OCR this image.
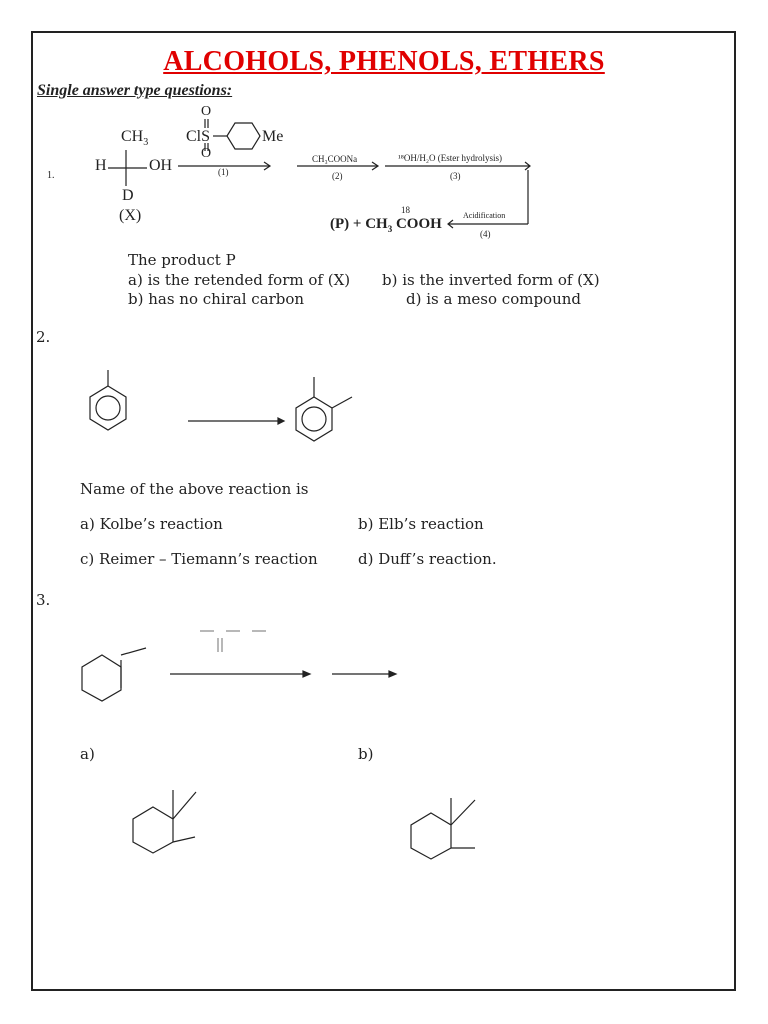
ALCOHOLS, PHENOLS, ETHERS
Single answer type questions:
1.
$CH_3$
H	OH
D
(X)
O
ClS	Me
O
(1)
CH₃COONa
(2)
¹⁸OH/H₂O (Ester hydrolysis)
(3)
Acidification
(4)
$(P) + CH_3$ COOH
18
The product P
a) is the retended form of (X) b) is the inverted form of (X)
b) has no chiral carbon	d) is a meso compound
2.
Name of the above reaction is
a) Kolbe’s reaction	b) Elb’s reaction
c) Reimer – Tiemann’s reaction	d) Duff’s reaction.
3.
a)	b)
